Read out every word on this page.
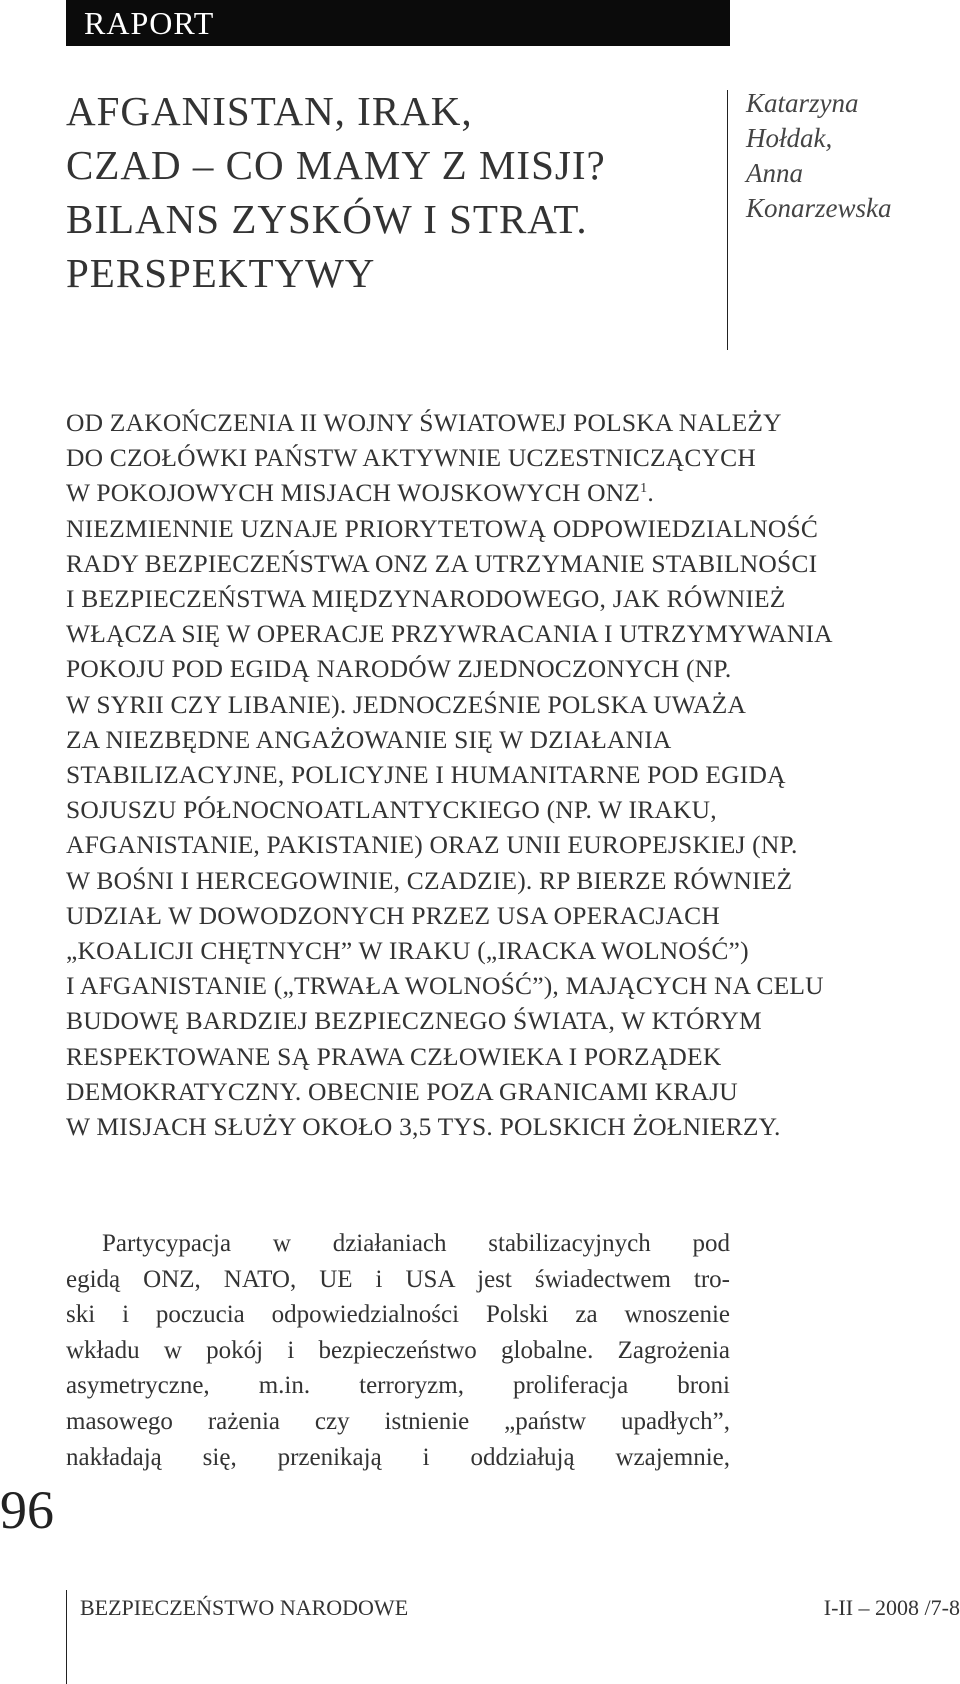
RAPORT
AFGANISTAN, IRAK,
CZAD – CO MAMY Z MISJI?
BILANS ZYSKÓW I STRAT.
PERSPEKTYWY
Katarzyna
Hołdak,
Anna
Konarzewska
OD ZAKOŃCZENIA II WOJNY ŚWIATOWEJ POLSKA NALEŻY
DO CZOŁÓWKI PAŃSTW AKTYWNIE UCZESTNICZĄCYCH
W POKOJOWYCH MISJACH WOJSKOWYCH ONZ$^1$.
NIEZMIENNIE UZNAJE PRIORYTETOWĄ ODPOWIEDZIALNOŚĆ
RADY BEZPIECZEŃSTWA ONZ ZA UTRZYMANIE STABILNOŚCI
I BEZPIECZEŃSTWA MIĘDZYNARODOWEGO, JAK RÓWNIEŻ
WŁĄCZA SIĘ W OPERACJE PRZYWRACANIA I UTRZYMYWANIA
POKOJU POD EGIDĄ NARODÓW ZJEDNOCZONYCH (NP.
W SYRII CZY LIBANIE). JEDNOCZEŚNIE POLSKA UWAŻA
ZA NIEZBĘDNE ANGAŻOWANIE SIĘ W DZIAŁANIA
STABILIZACYJNE, POLICYJNE I HUMANITARNE POD EGIDĄ
SOJUSZU PÓŁNOCNOATLANTYCKIEGO (NP. W IRAKU,
AFGANISTANIE, PAKISTANIE) ORAZ UNII EUROPEJSKIEJ (NP.
W BOŚNI I HERCEGOWINIE, CZADZIE). RP BIERZE RÓWNIEŻ
UDZIAŁ W DOWODZONYCH PRZEZ USA OPERACJACH
„KOALICJI CHĘTNYCH” W IRAKU („IRACKA WOLNOŚĆ”)
I AFGANISTANIE („TRWAŁA WOLNOŚĆ”), MAJĄCYCH NA CELU
BUDOWĘ BARDZIEJ BEZPIECZNEGO ŚWIATA, W KTÓRYM
RESPEKTOWANE SĄ PRAWA CZŁOWIEKA I PORZĄDEK
DEMOKRATYCZNY. OBECNIE POZA GRANICAMI KRAJU
W MISJACH SŁUŻY OKOŁO 3,5 TYS. POLSKICH ŻOŁNIERZY.
Partycypacja w działaniach stabilizacyjnych pod
egidą ONZ, NATO, UE i USA jest świadectwem tro-
ski i poczucia odpowiedzialności Polski za wnoszenie
wkładu w pokój i bezpieczeństwo globalne. Zagrożenia
asymetryczne, m.in. terroryzm, proliferacja broni
masowego rażenia czy istnienie „państw upadłych”,
nakładają się, przenikają i oddziałują wzajemnie,
96
BEZPIECZEŃSTWO NARODOWE	I-II – 2008 /7-8
